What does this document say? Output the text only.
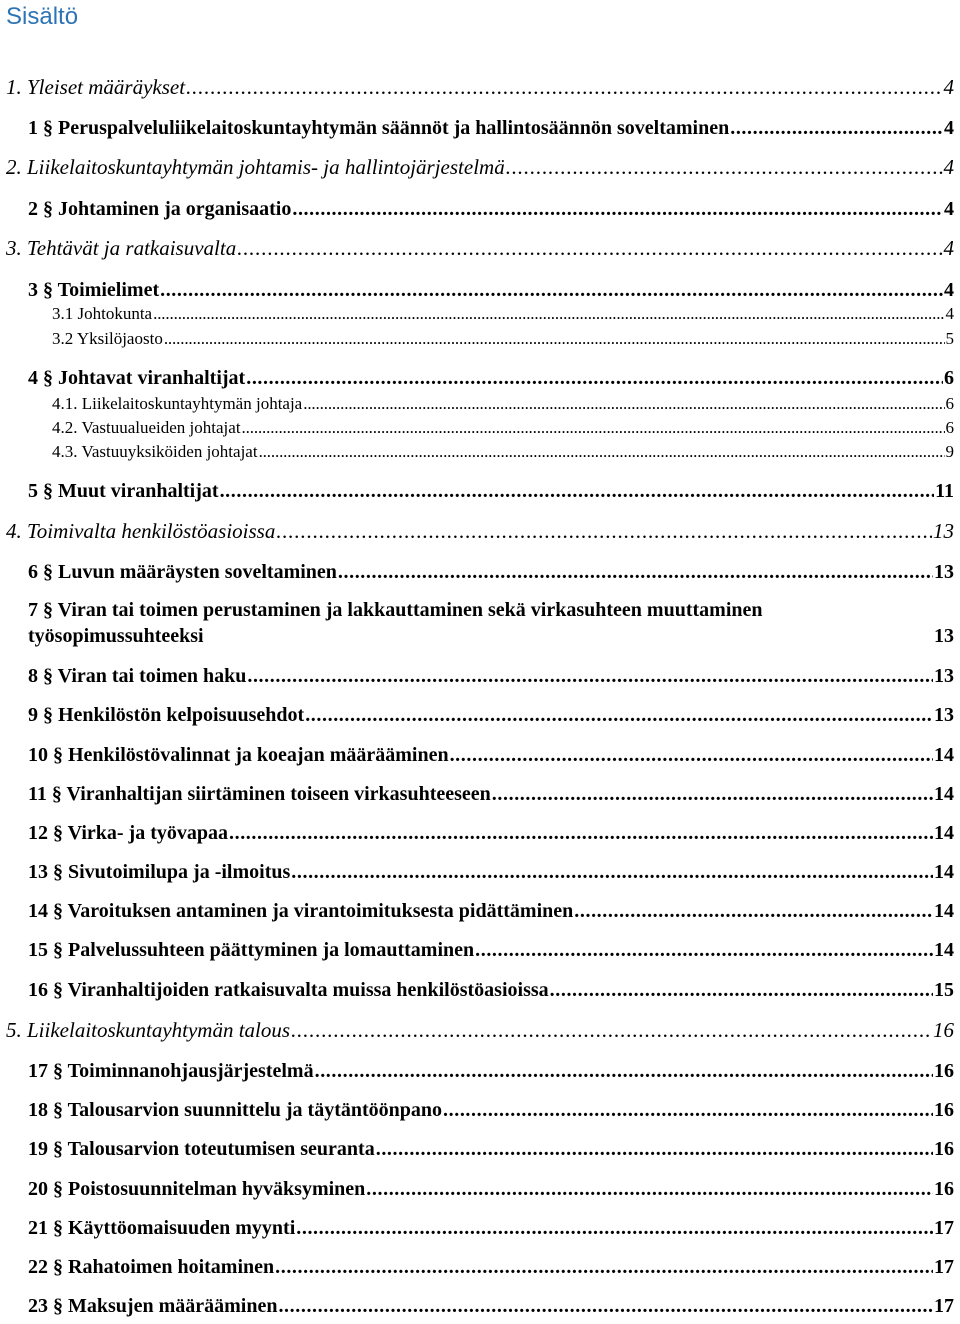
Sisältö
1. Yleiset määräykset . . .	4
1 § Peruspalveluliikelaitoskuntayhtymän säännöt ja hallintosäännön soveltaminen . . .	4
2. Liikelaitoskuntayhtymän johtamis- ja hallintojärjestelmä . . .	4
2 § Johtaminen ja organisaatio . . .	4
3. Tehtävät ja ratkaisuvalta . . .	4
3 § Toimielimet . . .	4
3.1 Johtokunta . . .	4
3.2 Yksilöjaosto . . .	5
4 § Johtavat viranhaltijat . . .	6
4.1. Liikelaitoskuntayhtymän johtaja . . .	6
4.2. Vastuualueiden johtajat . . .	6
4.3. Vastuuyksiköiden johtajat . . .	9
5 § Muut viranhaltijat . . .	11
4. Toimivalta henkilöstöasioissa . . .	13
6 § Luvun määräysten soveltaminen . . .	13
7 § Viran tai toimen perustaminen ja lakkauttaminen sekä virkasuhteen muuttaminen
työsopimussuhteeksi	13
8 § Viran tai toimen haku . . .	13
9 § Henkilöstön kelpoisuusehdot . . .	13
10 § Henkilöstövalinnat ja koeajan määrääminen . . .	14
11 § Viranhaltijan siirtäminen toiseen virkasuhteeseen . . .	14
12 § Virka- ja työvapaa . . .	14
13 § Sivutoimilupa ja -ilmoitus . . .	14
14 § Varoituksen antaminen ja virantoimituksesta pidättäminen . . .	14
15 § Palvelussuhteen päättyminen ja lomauttaminen . . .	14
16 § Viranhaltijoiden ratkaisuvalta muissa henkilöstöasioissa . . .	15
5. Liikelaitoskuntayhtymän talous . . .	16
17 § Toiminnanohjausjärjestelmä . . .	16
18 § Talousarvion suunnittelu ja täytäntöönpano . . .	16
19 § Talousarvion toteutumisen seuranta . . .	16
20 § Poistosuunnitelman hyväksyminen . . .	16
21 § Käyttöomaisuuden myynti . . .	17
22 § Rahatoimen hoitaminen . . .	17
23 § Maksujen määrääminen . . .	17
